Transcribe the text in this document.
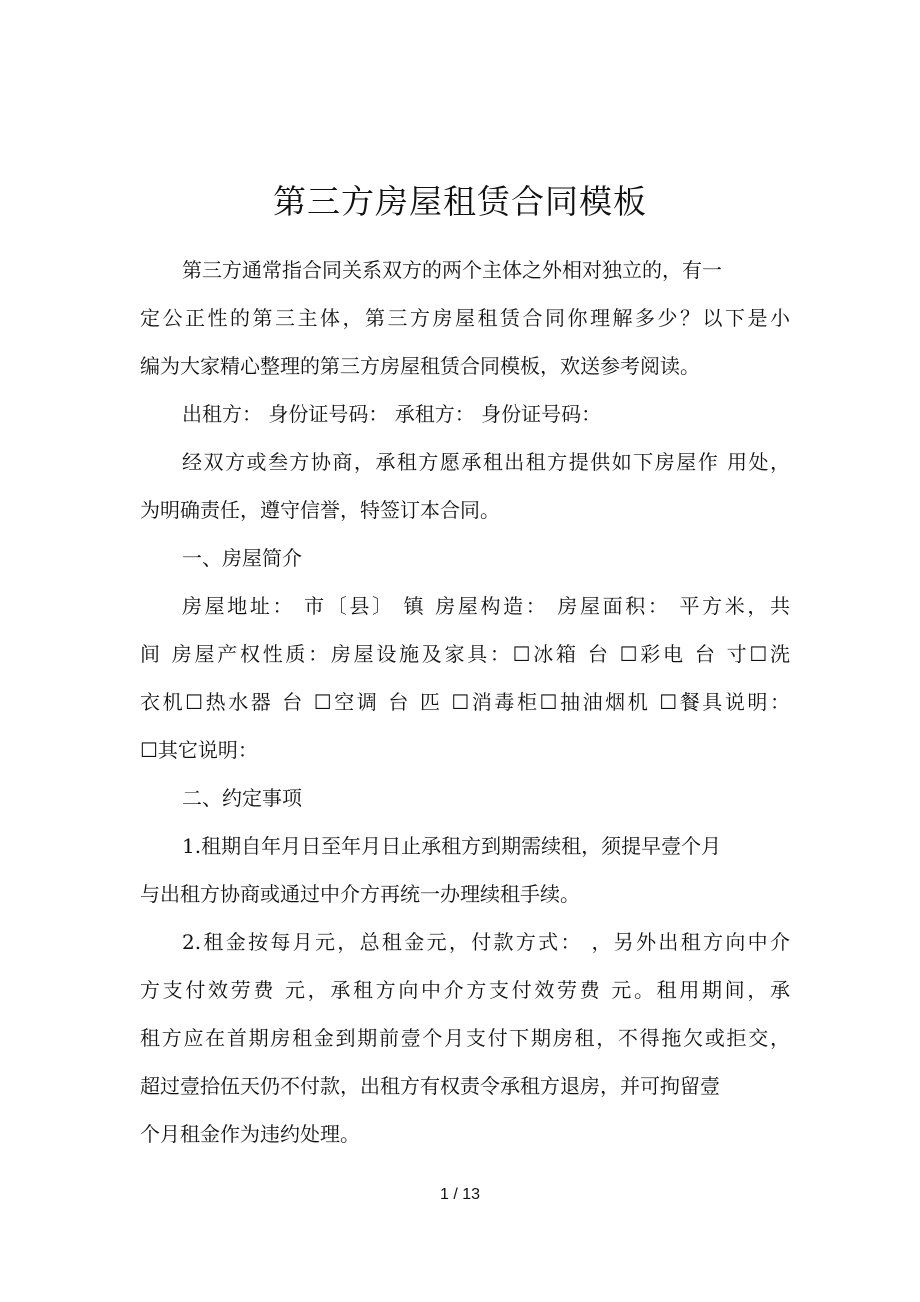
第三方房屋租赁合同模板
第三方通常指合同关系双方的两个主体之外相对独立的，有一
定公正性的第三主体，第三方房屋租赁合同你理解多少？以下是小
编为大家精心整理的第三方房屋租赁合同模板，欢送参考阅读。
出租方： 身份证号码： 承租方： 身份证号码：
经双方或叁方协商，承租方愿承租出租方提供如下房屋作 用处，
为明确责任，遵守信誉，特签订本合同。
一、房屋简介
房屋地址： 市〔县〕 镇 房屋构造： 房屋面积： 平方米，共
间 房屋产权性质：房屋设施及家具：☐冰箱 台 ☐彩电 台 寸☐洗
衣机☐热水器 台 ☐空调 台 匹 ☐消毒柜☐抽油烟机 ☐餐具说明：
☐其它说明：
二、约定事项
1.租期自年月日至年月日止承租方到期需续租，须提早壹个月
与出租方协商或通过中介方再统一办理续租手续。
2.租金按每月元，总租金元，付款方式： ，另外出租方向中介
方支付效劳费 元，承租方向中介方支付效劳费 元。租用期间，承
租方应在首期房租金到期前壹个月支付下期房租，不得拖欠或拒交，
超过壹拾伍天仍不付款，出租方有权责令承租方退房，并可拘留壹
个月租金作为违约处理。
1 / 13
